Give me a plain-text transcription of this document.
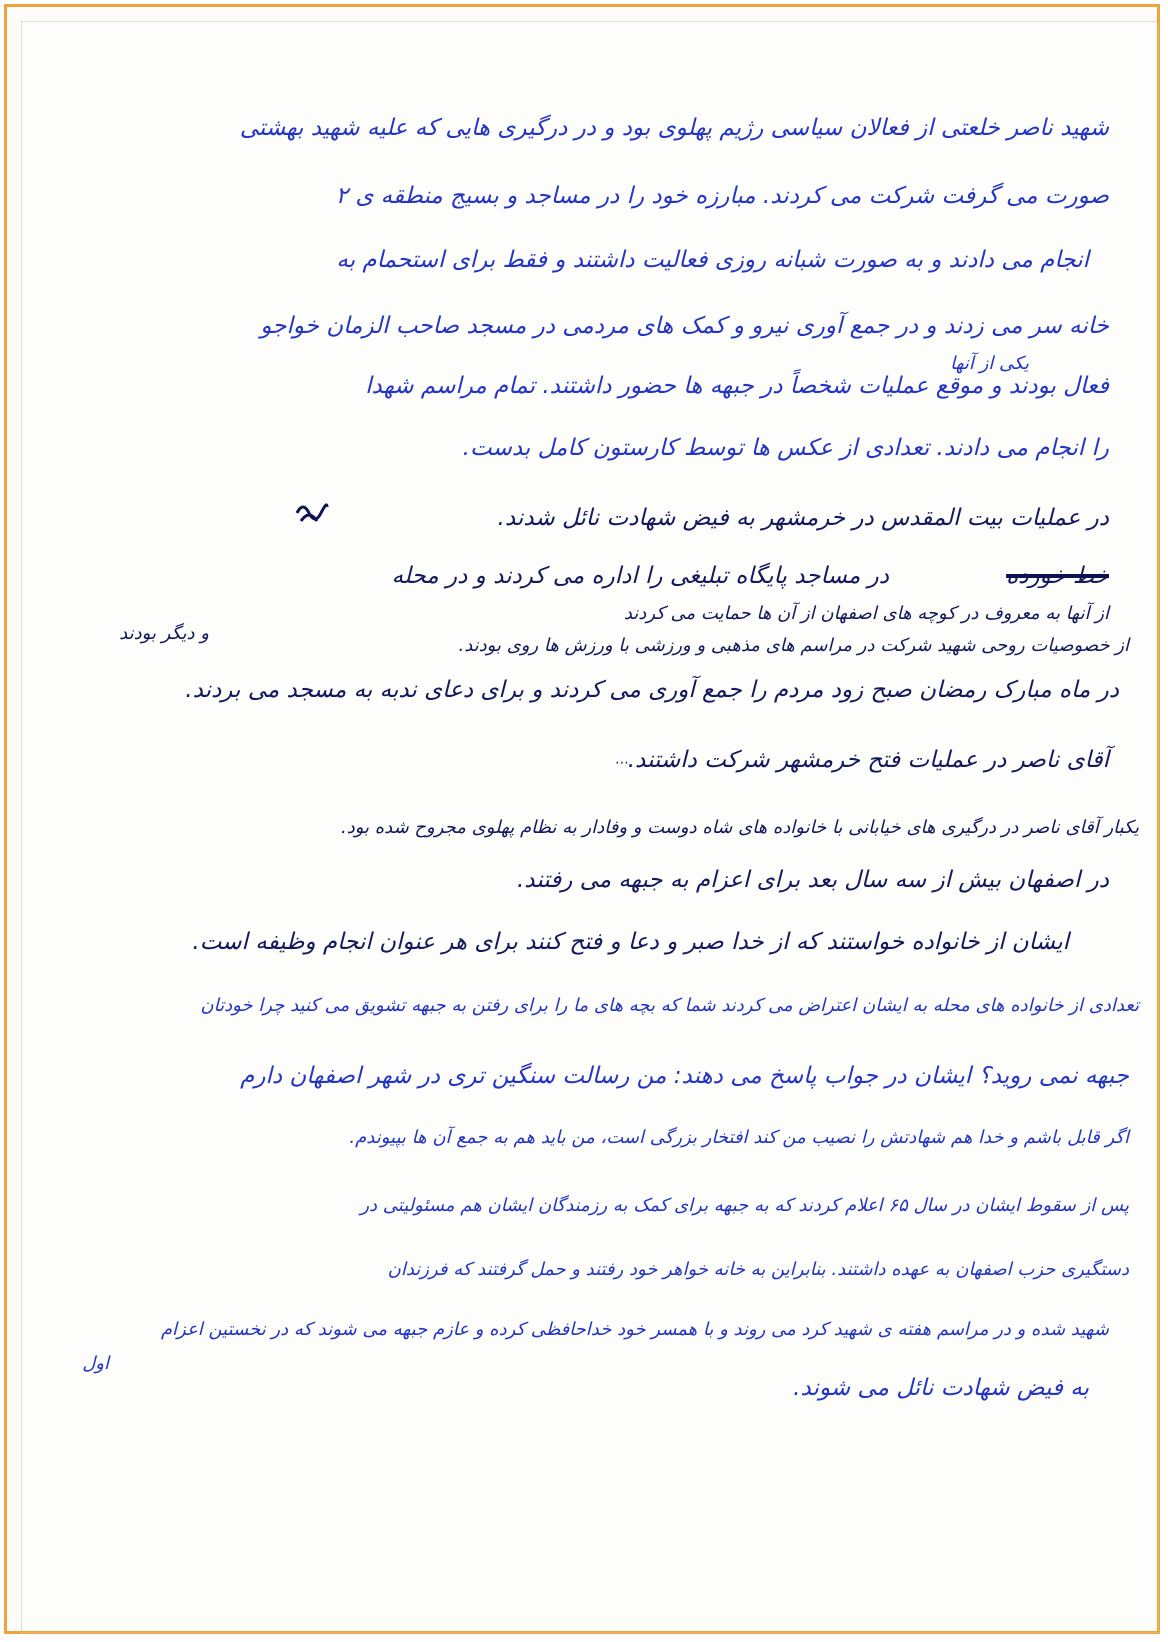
شهید ناصر خلعتی از فعالان سیاسی رژیم پهلوی بود و در درگیری هایی که علیه شهید بهشتی
صورت می گرفت شرکت می کردند. مبارزه خود را در مساجد و بسیج منطقه ی ۲
انجام می دادند و به صورت شبانه روزی فعالیت داشتند و فقط برای استحمام به
خانه سر می زدند و در جمع آوری نیرو و کمک های مردمی در مسجد صاحب الزمان خواجو
یکی از آنها
فعال بودند و موقع عملیات شخصاً در جبهه ها حضور داشتند. تمام مراسم شهدا
را انجام می دادند. تعدادی از عکس ها توسط کارستون کامل بدست.
در عملیات بیت المقدس در خرمشهر به فیض شهادت نائل شدند.
در مساجد پایگاه تبلیغی را اداره می کردند و در محله	خط خورده
از آنها به معروف در کوچه های اصفهان از آن ها حمایت می کردند
از خصوصیات روحی شهید شرکت در مراسم های مذهبی و ورزشی با ورزش ها روی بودند.
و دیگر بودند
در ماه مبارک رمضان صبح زود مردم را جمع آوری می کردند و برای دعای ندبه به مسجد می بردند.
آقای ناصر در عملیات فتح خرمشهر شرکت داشتند.
⋯
یکبار آقای ناصر در درگیری های خیابانی با خانواده های شاه دوست و وفادار به نظام پهلوی مجروح شده بود.
در اصفهان بیش از سه سال بعد برای اعزام به جبهه می رفتند.
ایشان از خانواده خواستند که از خدا صبر و دعا و فتح کنند برای هر عنوان انجام وظیفه است.
تعدادی از خانواده های محله به ایشان اعتراض می کردند شما که بچه های ما را برای رفتن به جبهه تشویق می کنید چرا خودتان
جبهه نمی روید؟ ایشان در جواب پاسخ می دهند: من رسالت سنگین تری در شهر اصفهان دارم
اگر قابل باشم و خدا هم شهادتش را نصیب من کند افتخار بزرگی است، من باید هم به جمع آن ها بپیوندم.
پس از سقوط ایشان در سال ۶۵ اعلام کردند که به جبهه برای کمک به رزمندگان ایشان هم مسئولیتی در
دستگیری حزب اصفهان به عهده داشتند. بنابراین به خانه خواهر خود رفتند و حمل گرفتند که فرزندان
شهید شده و در مراسم هفته ی شهید کرد می روند و با همسر خود خداحافظی کرده و عازم جبهه می شوند که در نخستین اعزام
اول
به فیض شهادت نائل می شوند.
